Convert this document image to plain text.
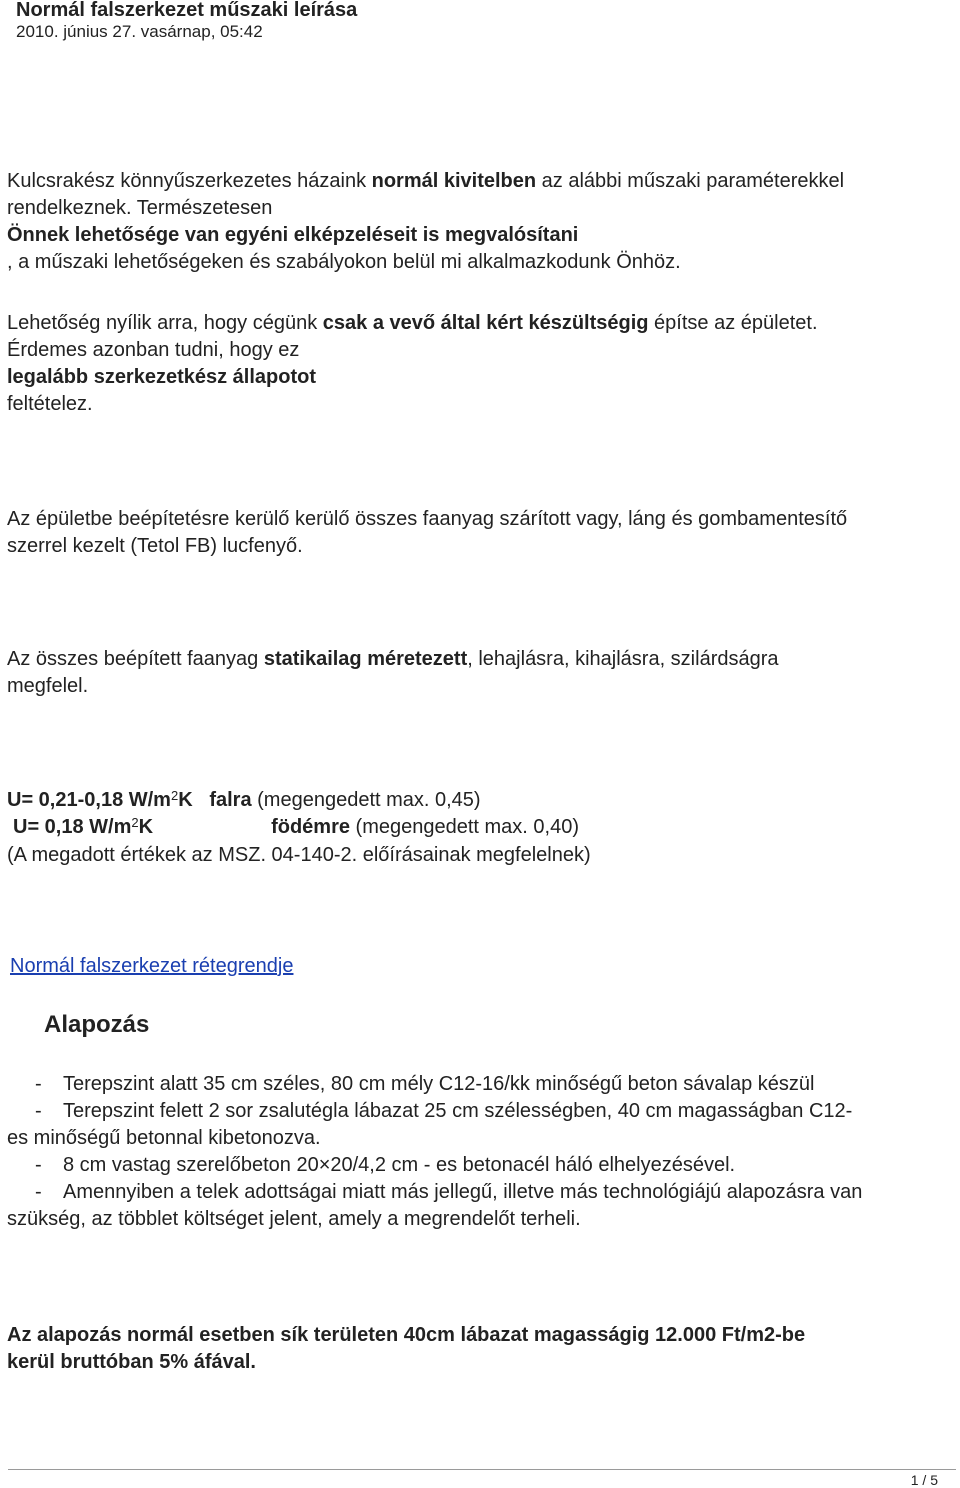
Normál falszerkezet műszaki leírása
2010. június 27. vasárnap, 05:42
Kulcsrakész könnyűszerkezetes házaink normál kivitelben az alábbi műszaki paraméterekkel
rendelkeznek. Természetesen
Önnek lehetősége van egyéni elképzeléseit is megvalósítani
, a műszaki lehetőségeken és szabályokon belül mi alkalmazkodunk Önhöz.
Lehetőség nyílik arra, hogy cégünk csak a vevő által kért készültségig építse az épületet.
Érdemes azonban tudni, hogy ez
legalább szerkezetkész állapotot
feltételez.
Az épületbe beépítetésre kerülő kerülő összes faanyag szárított vagy, láng és gombamentesítő
szerrel kezelt (Tetol FB) lucfenyő.
Az összes beépített faanyag statikailag méretezett, lehajlásra, kihajlásra, szilárdságra
megfelel.
U= 0,21-0,18 $W/m^2K$ falra (megengedett max. 0,45)
U= 0,18 $W/m^2K$	födémre (megengedett max. 0,40)
(A megadott értékek az MSZ. 04-140-2. előírásainak megfelelnek)
Normál falszerkezet rétegrendje
Alapozás
- Terepszint alatt 35 cm széles, 80 cm mély C12-16/kk minőségű beton sávalap készül
- Terepszint felett 2 sor zsalutégla lábazat 25 cm szélességben, 40 cm magasságban C12-
es minőségű betonnal kibetonozva.
- 8 cm vastag szerelőbeton 20×20/4,2 cm - es betonacél háló elhelyezésével.
- Amennyiben a telek adottságai miatt más jellegű, illetve más technológiájú alapozásra van
szükség, az többlet költséget jelent, amely a megrendelőt terheli.
Az alapozás normál esetben sík területen 40cm lábazat magasságig 12.000 Ft/m2-be
kerül bruttóban 5% áfával.
1 / 5
